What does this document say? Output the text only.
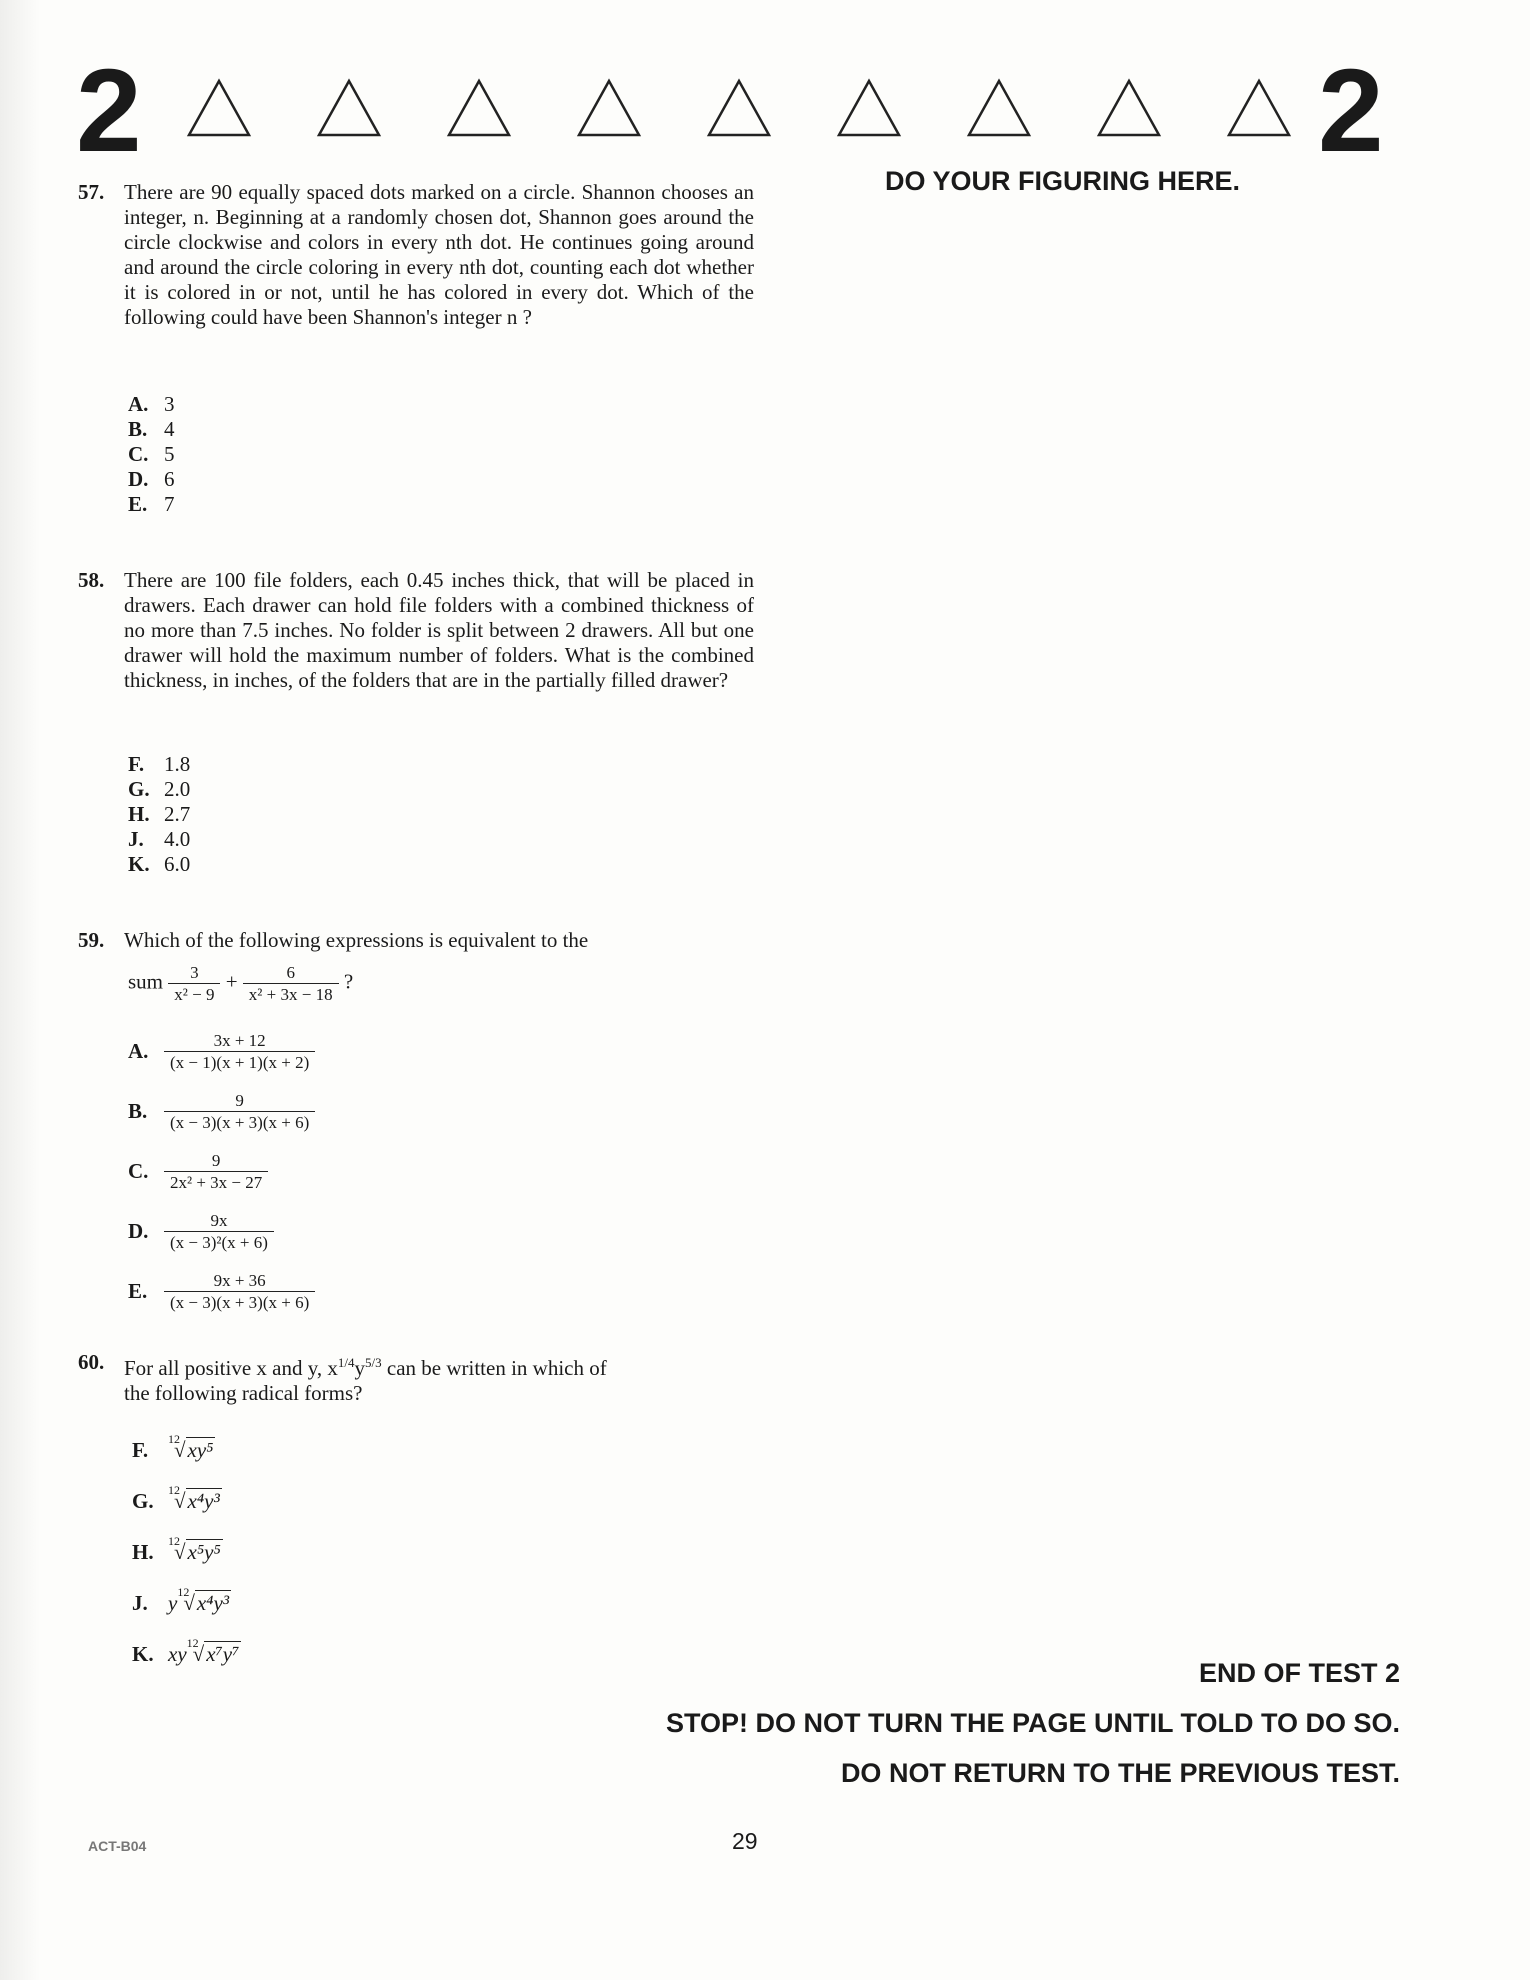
2	2
DO YOUR FIGURING HERE.
57. There are 90 equally spaced dots marked on a circle. Shannon chooses an integer, n. Beginning at a randomly chosen dot, Shannon goes around the circle clockwise and colors in every nth dot. He continues going around and around the circle coloring in every nth dot, counting each dot whether it is colored in or not, until he has colored in every dot. Which of the following could have been Shannon's integer n ?
A. 3
B. 4
C. 5
D. 6
E. 7
58. There are 100 file folders, each 0.45 inches thick, that will be placed in drawers. Each drawer can hold file folders with a combined thickness of no more than 7.5 inches. No folder is split between 2 drawers. All but one drawer will hold the maximum number of folders. What is the combined thickness, in inches, of the folders that are in the partially filled drawer?
F. 1.8
G. 2.0
H. 2.7
J. 4.0
K. 6.0
59. Which of the following expressions is equivalent to the
sum $\frac{3}{\text{x² − 9}} + \frac{6}{\text{x² + 3x − 18}}$ ?
A. $\frac{3x + 12}{(x - 1)(x + 1)(x + 2)}$
B. $\frac{9}{(x - 3)(x + 3)(x + 6)}$
C. $\frac{9}{\text{2x² + 3x − 27}}$
D. $\frac{9x}{\text{(x − 3)²(x + 6)}}$
E. $\frac{9x + 36}{(x - 3)(x + 3)(x + 6)}$
60. For all positive x and y, $x^{1/4}y^{5/3}$ can be written in which of
the following radical forms?
F. $^{12}$√xy⁵
G. $^{12}$√x⁴y³
H. $^{12}$√x⁵y⁵
J. $y^{12}√x^4y^3$
K. $xy^{12}√x^7y^7$
END OF TEST 2
STOP! DO NOT TURN THE PAGE UNTIL TOLD TO DO SO.
DO NOT RETURN TO THE PREVIOUS TEST.
ACT-B04	29
